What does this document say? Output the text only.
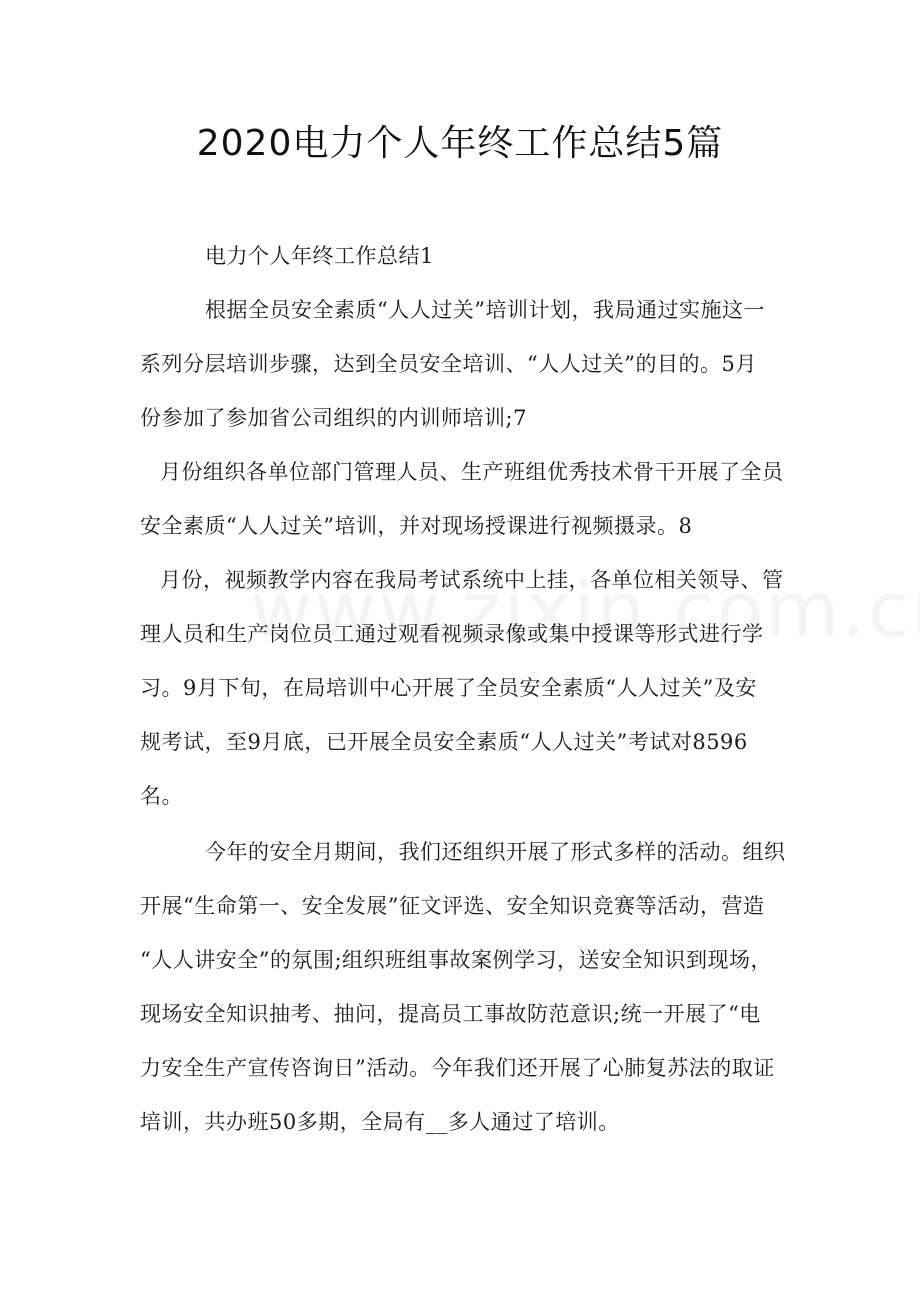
2020电力个人年终工作总结5篇
电力个人年终工作总结1
根据全员安全素质“人人过关”培训计划，我局通过实施这一
系列分层培训步骤，达到全员安全培训、“人人过关”的目的。5月
份参加了参加省公司组织的内训师培训;7
月份组织各单位部门管理人员、生产班组优秀技术骨干开展了全员
安全素质“人人过关”培训，并对现场授课进行视频摄录。8
月份，视频教学内容在我局考试系统中上挂，各单位相关领导、管
理人员和生产岗位员工通过观看视频录像或集中授课等形式进行学
习。9月下旬，在局培训中心开展了全员安全素质“人人过关”及安
规考试，至9月底，已开展全员安全素质“人人过关”考试对8596
名。
今年的安全月期间，我们还组织开展了形式多样的活动。组织
开展“生命第一、安全发展”征文评选、安全知识竞赛等活动，营造
“人人讲安全”的氛围;组织班组事故案例学习，送安全知识到现场，
现场安全知识抽考、抽问，提高员工事故防范意识;统一开展了“电
力安全生产宣传咨询日”活动。今年我们还开展了心肺复苏法的取证
培训，共办班50多期，全局有__多人通过了培训。
